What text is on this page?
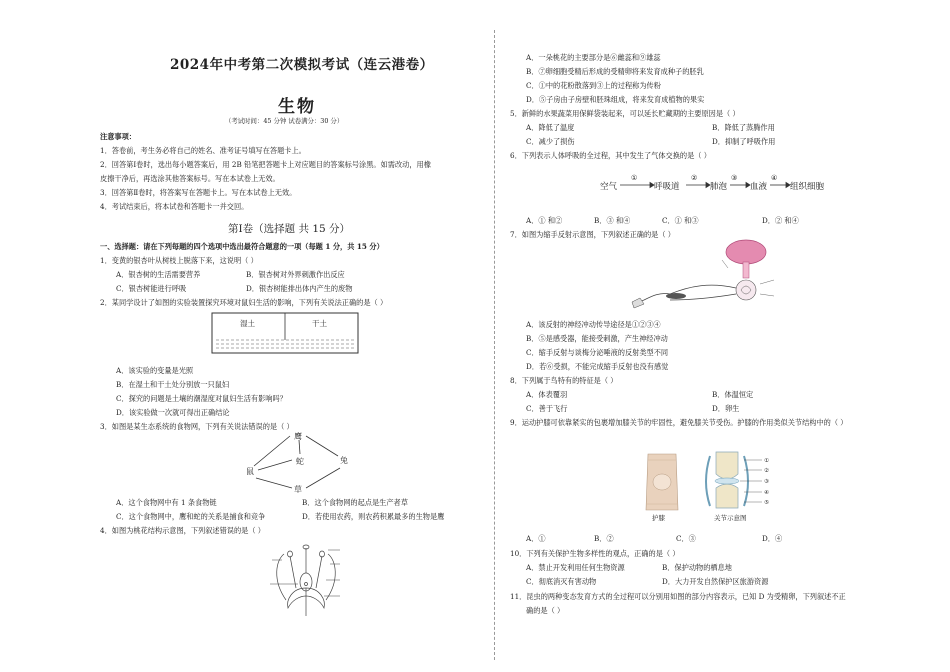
2024年中考第二次模拟考试（连云港卷）
生物
（考试时间：45 分钟 试卷满分：30 分）
注意事项：
1．答卷前，考生务必将自己的姓名、准考证号填写在答题卡上。
2．回答第Ⅰ卷时，选出每小题答案后，用 2B 铅笔把答题卡上对应题目的答案标号涂黑。如需改动，用橡
皮擦干净后，再选涂其他答案标号。写在本试卷上无效。
3．回答第Ⅱ卷时，将答案写在答题卡上。写在本试卷上无效。
4．考试结束后，将本试卷和答题卡一并交回。
第Ⅰ卷（选择题 共 15 分）
一、选择题：请在下列每题的四个选项中选出最符合题意的一项（每题 1 分，共 15 分）
1．变黄的银杏叶从树枝上脱落下来，这说明（ ）
A．银杏树的生活需要营养	B．银杏树对外界刺激作出反应
C．银杏树能进行呼吸	D．银杏树能排出体内产生的废物
2．某同学设计了如图的实验装置探究环境对鼠妇生活的影响，下列有关说法正确的是（ ）
湿土	干土
A．该实验的变量是光照
B．在湿土和干土处分别放一只鼠妇
C．探究的问题是土壤的潮湿度对鼠妇生活有影响吗？
D．该实验做一次就可得出正确结论
3．如图是某生态系统的食物网，下列有关说法错误的是（ ）
鹰
蛇
鼠
兔
草
A．这个食物网中有 1 条食物链	B．这个食物网的起点是生产者草
C．这个食物网中，鹰和蛇的关系是捕食和竞争	D．若使用农药，则农药积累最多的生物是鹰
4．如图为桃花结构示意图，下列叙述错误的是（ ）
A．一朵桃花的主要部分是⑥雌蕊和⑨雄蕊
B．⑦卵细胞受精后形成的受精卵将来发育成种子的胚乳
C．①中的花粉散落到③上的过程称为传粉
D．⑤子房由子房壁和胚珠组成，将来发育成植物的果实
5．新鲜的水果蔬菜用保鲜袋装起来，可以延长贮藏期的主要原因是（ ）
A．降低了温度	B．降低了蒸腾作用
C．减少了损伤	D．抑制了呼吸作用
6．下列表示人体呼吸的全过程，其中发生了气体交换的是（ ）
空气	呼吸道	肺泡	血液	组织细胞
①	②	③	④
A．① 和②	B．③ 和④	C．① 和③	D．② 和④
7．如图为缩手反射示意图，下列叙述正确的是（ ）
A．该反射的神经冲动传导途径是①②③④
B．⑤是感受器，能接受刺激，产生神经冲动
C．缩手反射与谈梅分泌唾液的反射类型不同
D．若⑥受损，不能完成缩手反射也没有感觉
8．下列属于鸟特有的特征是（ ）
A．体表覆羽	B．体温恒定
C．善于飞行	D．卵生
9．运动护膝可依靠紧实的包裹增加膝关节的牢固性，避免膝关节受伤。护膝的作用类似关节结构中的（ ）
护膝
①
②
③
④
⑤
关节示意图
A．①	B．②	C．③	D．④
10．下列有关保护生物多样性的观点，正确的是（ ）
A．禁止开发利用任何生物资源	B．保护动物的栖息地
C．彻底消灭有害动物	D．大力开发自然保护区旅游资源
11．昆虫的两种变态发育方式的全过程可以分别用如图的部分内容表示，已知 D 为受精卵，下列叙述不正
确的是（ ）
